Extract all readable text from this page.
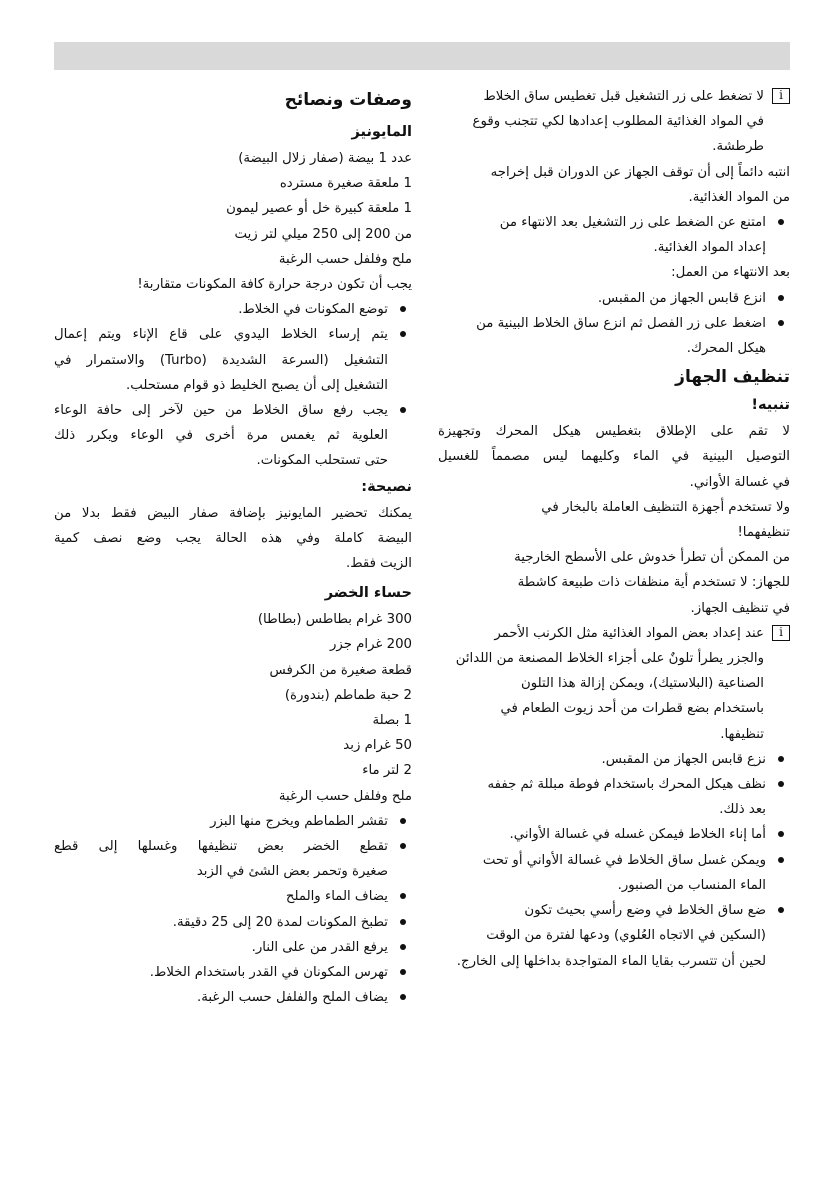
i
لا تضغط على زر التشغيل قبل تغطيس ساق الخلاط
في المواد الغذائية المطلوب إعدادها لكي تتجنب وقوع
طرطشة.
انتبه دائماً إلى أن توقف الجهاز عن الدوران قبل إخراجه
من المواد الغذائية.
امتنع عن الضغط على زر التشغيل بعد الانتهاء من
إعداد المواد الغذائية.
بعد الانتهاء من العمل:
انزع قابس الجهاز من المقبس.
اضغط على زر الفصل ثم انزع ساق الخلاط البينية من
هيكل المحرك.
تنظيف الجهاز
تنبيه!
لا تقم على الإطلاق بتغطيس هيكل المحرك وتجهيزة
التوصيل البينية في الماء وكليهما ليس مصمماً للغسيل
في غسالة الأواني.
ولا تستخدم أجهزة التنظيف العاملة بالبخار في
تنظيفهما!
من الممكن أن تطرأ خدوش على الأسطح الخارجية
للجهاز: لا تستخدم أية منظفات ذات طبيعة كاشطة
في تنظيف الجهاز.
i
عند إعداد بعض المواد الغذائية مثل الكرنب الأحمر
والجزر يطرأ تلونٌ على أجزاء الخلاط المصنعة من اللدائن
الصناعية (البلاستيك)، ويمكن إزالة هذا التلون
باستخدام بضع قطرات من أحد زيوت الطعام في
تنظيفها.
نزع قابس الجهاز من المقبس.
نظف هيكل المحرك باستخدام فوطة مبللة ثم جففه
بعد ذلك.
أما إناء الخلاط فيمكن غسله في غسالة الأواني.
ويمكن غسل ساق الخلاط في غسالة الأواني أو تحت
الماء المنساب من الصنبور.
ضع ساق الخلاط في وضع رأسي بحيث تكون
(السكين في الاتجاه العُلوي) ودعها لفترة من الوقت
لحين أن تتسرب بقايا الماء المتواجدة بداخلها إلى الخارج.
وصفات ونصائح
المايونيز
عدد 1 بيضة (صفار زلال البيضة)
1 ملعقة صغيرة مسترده
1 ملعقة كبيرة خل أو عصير ليمون
من 200 إلى 250 ميلي لتر زيت
ملح وفلفل حسب الرغبة
يجب أن تكون درجة حرارة كافة المكونات متقاربة!
توضع المكونات في الخلاط.
يتم إرساء الخلاط اليدوي على قاع الإناء ويتم إعمال
التشغيل (السرعة الشديدة (Turbo) والاستمرار في
التشغيل إلى أن يصبح الخليط ذو قوام مستحلب.
يجب رفع ساق الخلاط من حين لآخر إلى حافة الوعاء
العلوية ثم يغمس مرة أخرى في الوعاء ويكرر ذلك
حتى تستحلب المكونات.
نصيحة:
يمكنك تحضير المايونيز بإضافة صفار البيض فقط بدلا من
البيضة كاملة وفي هذه الحالة يجب وضع نصف كمية
الزيت فقط.
حساء الخضر
300 غرام بطاطس (بطاطا)
200 غرام جزر
قطعة صغيرة من الكرفس
2 حبة طماطم (بندورة)
1 بصلة
50 غرام زبد
2 لتر ماء
ملح وفلفل حسب الرغبة
تقشر الطماطم ويخرج منها البزر
تقطع الخضر بعض تنظيفها وغسلها إلى قطع
صغيرة وتحمر بعض الشئ في الزبد
يضاف الماء والملح
تطبخ المكونات لمدة 20 إلى 25 دقيقة.
يرفع القدر من على النار.
تهرس المكونان في القدر باستخدام الخلاط.
يضاف الملح والفلفل حسب الرغبة.
